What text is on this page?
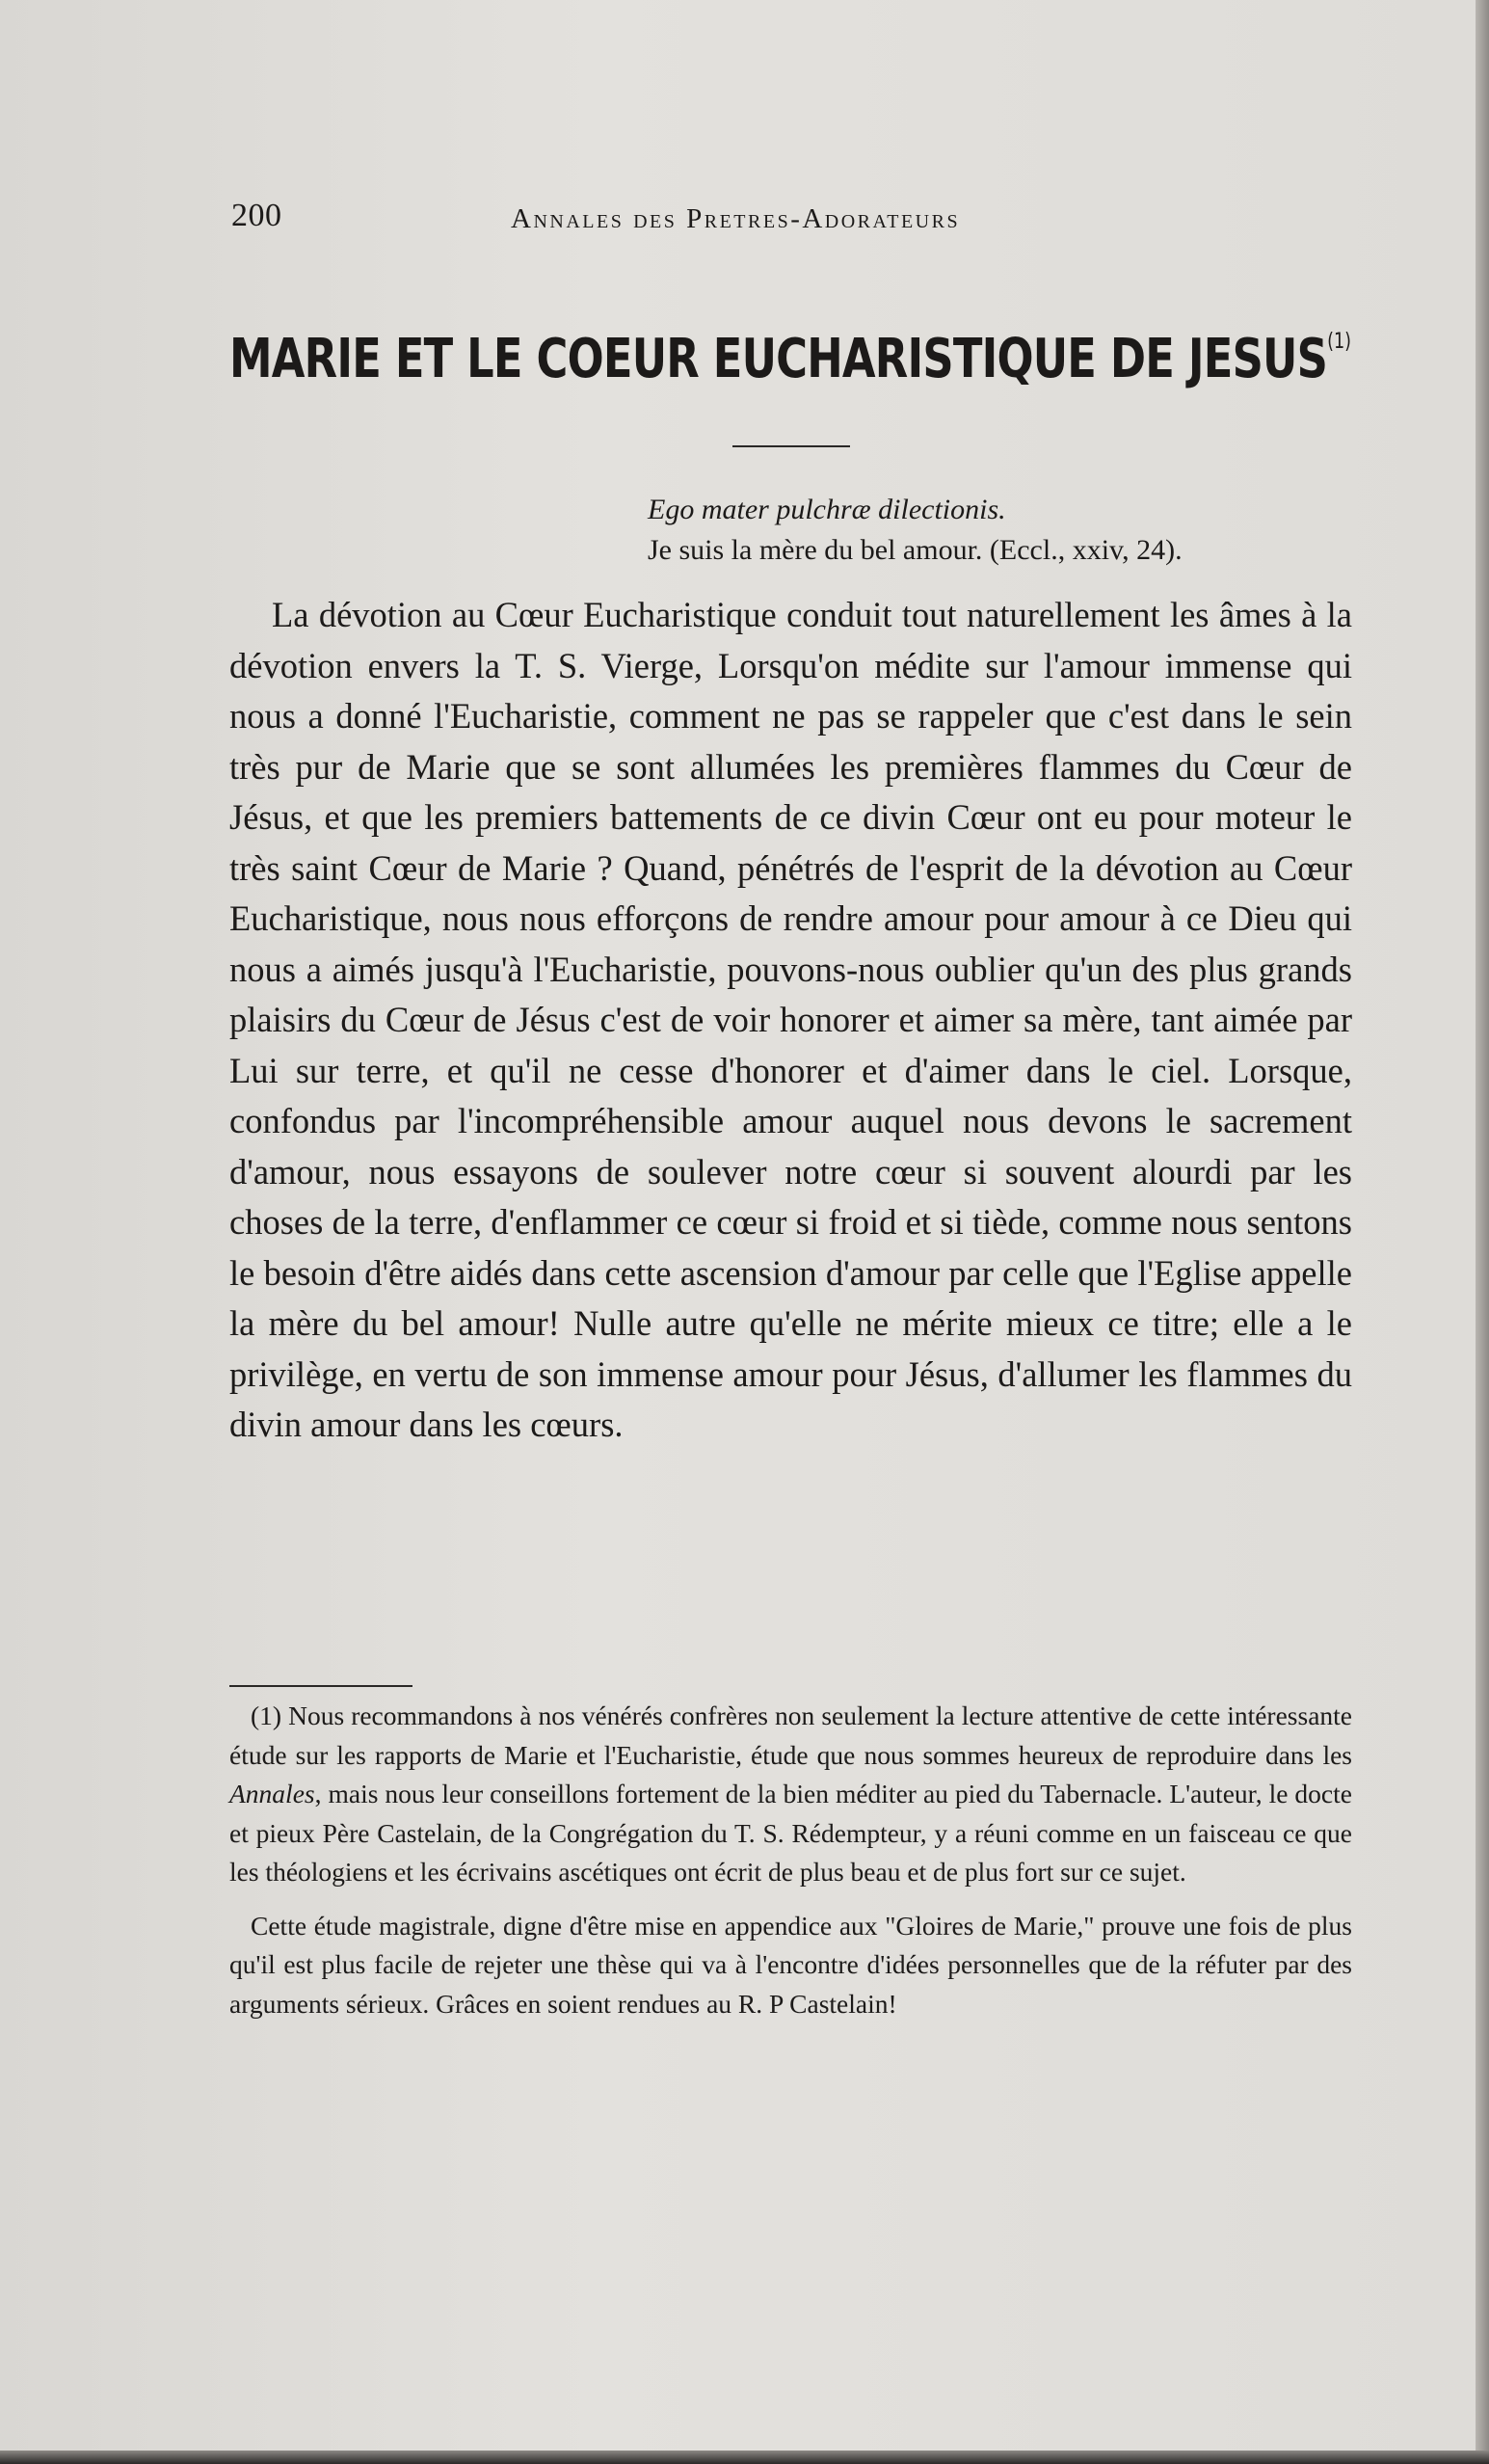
200	Annales des Pretres-Adorateurs
MARIE ET LE COEUR EUCHARISTIQUE DE JESUS$^{(1)}$
Ego mater pulchræ dilectionis.
Je suis la mère du bel amour. (Eccl., xxiv, 24).

La dévotion au Cœur Eucharistique conduit tout naturellement les âmes à la dévotion envers la T. S. Vierge, Lorsqu'on médite sur l'amour immense qui nous a donné l'Eucharistie, comment ne pas se rappeler que c'est dans le sein très pur de Marie que se sont allumées les premières flammes du Cœur de Jésus, et que les premiers battements de ce divin Cœur ont eu pour moteur le très saint Cœur de Marie ? Quand, pénétrés de l'esprit de la dévotion au Cœur Eucharistique, nous nous efforçons de rendre amour pour amour à ce Dieu qui nous a aimés jusqu'à l'Eucharistie, pouvons-nous oublier qu'un des plus grands plaisirs du Cœur de Jésus c'est de voir honorer et aimer sa mère, tant aimée par Lui sur terre, et qu'il ne cesse d'honorer et d'aimer dans le ciel. Lorsque, confondus par l'incompréhensible amour auquel nous devons le sacrement d'amour, nous essayons de soulever notre cœur si souvent alourdi par les choses de la terre, d'enflammer ce cœur si froid et si tiède, comme nous sentons le besoin d'être aidés dans cette ascension d'amour par celle que l'Eglise appelle la mère du bel amour! Nulle autre qu'elle ne mérite mieux ce titre; elle a le privilège, en vertu de son immense amour pour Jésus, d'allumer les flammes du divin amour dans les cœurs.

(1) Nous recommandons à nos vénérés confrères non seulement la lecture attentive de cette intéressante étude sur les rapports de Marie et l'Eucharistie, étude que nous sommes heureux de reproduire dans les Annales, mais nous leur conseillons fortement de la bien méditer au pied du Tabernacle. L'auteur, le docte et pieux Père Castelain, de la Congrégation du T. S. Rédempteur, y a réuni comme en un faisceau ce que les théologiens et les écrivains ascétiques ont écrit de plus beau et de plus fort sur ce sujet.

Cette étude magistrale, digne d'être mise en appendice aux "Gloires de Marie," prouve une fois de plus qu'il est plus facile de rejeter une thèse qui va à l'encontre d'idées personnelles que de la réfuter par des arguments sérieux. Grâces en soient rendues au R. P Castelain!
